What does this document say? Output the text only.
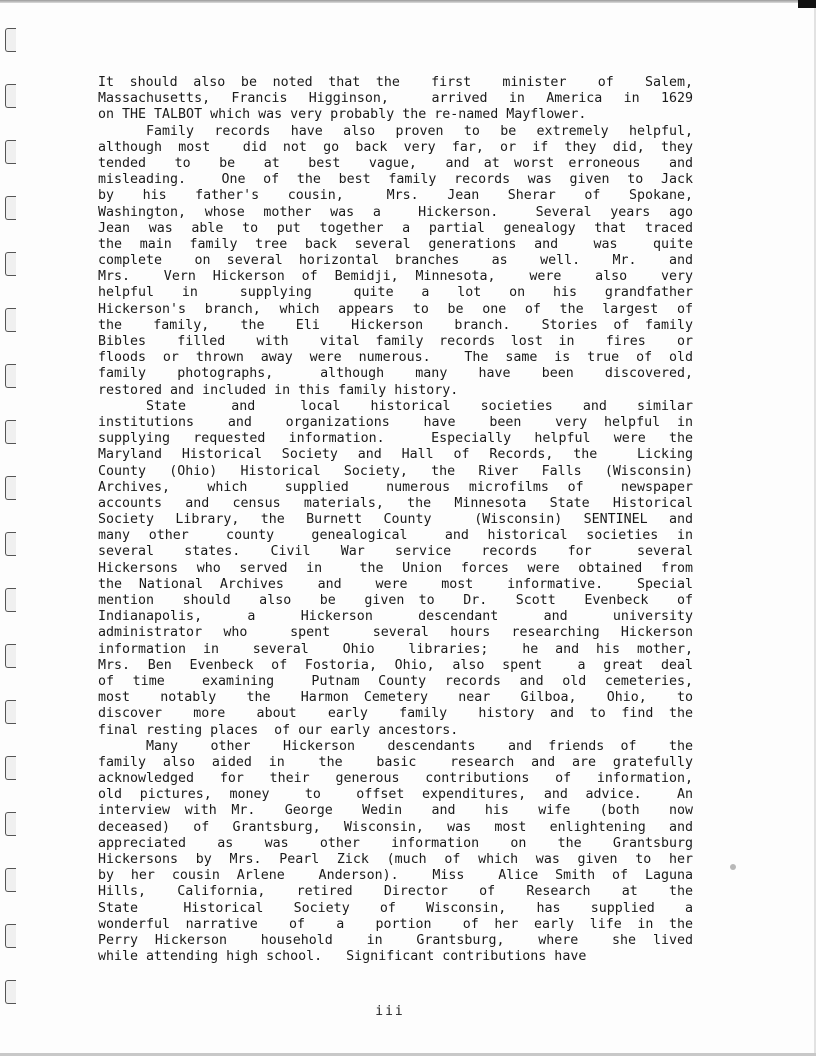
It should also be noted that the  first  minister  of  Salem,
Massachusetts, Francis Higginson,  arrived in America in 1629
on THE TALBOT which was very probably the re-named Mayflower.
Family records have also proven to be extremely helpful,
although most  did not go back very far, or if they did, they
tended  to  be  at  best  vague,  and at worst erroneous  and
misleading.  One of the best family records was given to Jack
by  his  father's  cousin,   Mrs.  Jean  Sherar  of  Spokane,
Washington, whose mother was a  Hickerson.  Several years ago
Jean was able to put together a partial genealogy that traced
the main family tree back several generations and  was  quite
complete  on several horizontal branches  as  well.  Mr.  and
Mrs.  Vern Hickerson of Bemidji, Minnesota,  were  also  very
helpful  in   supplying   quite  a  lot  on  his  grandfather
Hickerson's branch, which appears to be one of the largest of
the  family,  the  Eli  Hickerson  branch.  Stories of family
Bibles  filled  with  vital family records lost in  fires  or
floods or thrown away were numerous.  The same is true of old
family  photographs,   although  many  have  been  discovered,
restored and included in this family history.
State   and   local  historical  societies  and  similar
institutions  and  organizations  have  been  very helpful in
supplying requested information.  Especially helpful were the
Maryland Historical Society and Hall of Records, the  Licking
County (Ohio) Historical Society, the River Falls (Wisconsin)
Archives,  which  supplied  numerous microfilms of  newspaper
accounts and census materials, the Minnesota State Historical
Society Library, the Burnett County  (Wisconsin) SENTINEL and
many other  county  genealogical  and historical societies in
several  states.  Civil  War  service  records  for   several
Hickersons who served in  the Union forces were obtained from
the National Archives  and  were  most  informative.  Special
mention  should  also  be  given to  Dr.  Scott  Evenbeck  of
Indianapolis,   a   Hickerson   descendant   and   university
administrator who  spent  several hours researching Hickerson
information in  several  Ohio  libraries;  he and his mother,
Mrs. Ben Evenbeck of Fostoria, Ohio, also spent  a great deal
of time  examining  Putnam County records and old cemeteries,
most  notably  the  Harmon Cemetery  near  Gilboa,  Ohio,  to
discover  more  about  early  family  history and to find the
final resting places  of our early ancestors.
Many  other  Hickerson  descendants  and friends of  the
family also aided in  the  basic  research and are gratefully
acknowledged for their generous contributions of information,
old pictures, money  to  offset expenditures, and advice.  An
interview with Mr.  George  Wedin  and  his  wife  (both  now
deceased) of Grantsburg, Wisconsin, was most enlightening and
appreciated  as  was  other  information  on  the  Grantsburg
Hickersons by Mrs. Pearl Zick (much of which was given to her
by her cousin Arlene  Anderson).  Miss  Alice Smith of Laguna
Hills,  California,  retired  Director  of  Research  at  the
State   Historical  Society  of  Wisconsin,  has  supplied  a
wonderful narrative  of  a  portion  of her early life in the
Perry Hickerson  household  in  Grantsburg,  where  she lived
while attending high school.   Significant contributions have
iii
